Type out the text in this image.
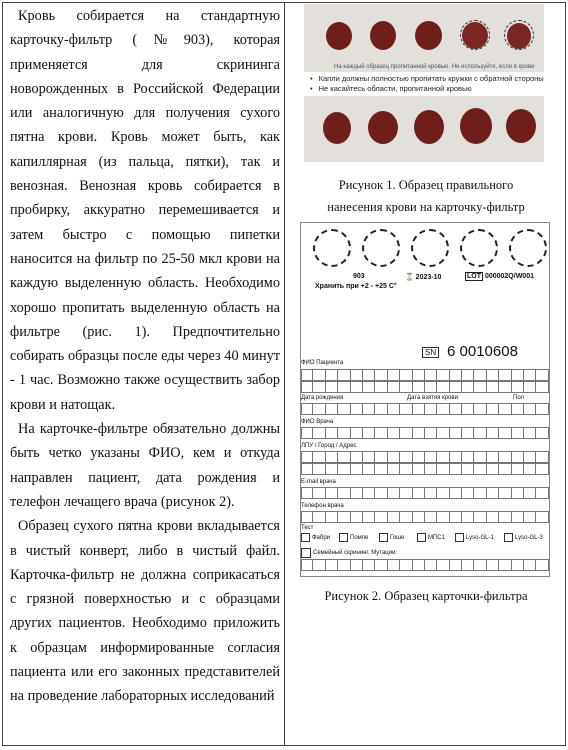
Кровь собирается на стандартную карточку-фильтр (№903), которая применяется для скрининга новорожденных в Российской Федерации или аналогичную для получения сухого пятна крови. Кровь может быть, как капиллярная (из пальца, пятки), так и венозная. Венозная кровь собирается в пробирку, аккуратно перемешивается и затем быстро с помощью пипетки наносится на фильтр по 25-50 мкл крови на каждую выделенную область. Необходимо хорошо пропитать выделенную область на фильтре (рис. 1). Предпочтительно собирать образцы после еды через 40 минут - 1 час. Возможно также осуществить забор крови и натощак.

На карточке-фильтре обязательно должны быть четко указаны ФИО, кем и откуда направлен пациент, дата рождения и телефон лечащего врача (рисунок 2).

Образец сухого пятна крови вкладывается в чистый конверт, либо в чистый файл. Карточка-фильтр не должна соприкасаться с грязной поверхностью и с образцами других пациентов. Необходимо приложить к образцам информированные согласия пациента или его законных представителей на проведение лабораторных исследований

На каждый образец пропитанной кровью. Не используйте, если в крови
• Капли должны полностью пропитать кружки с обратной стороны
• Не касайтесь области, пропитанной кровью
Рисунок 1. Образец правильного
нанесения крови на карточку-фильтр
903	⌛ 2023-10	LOT 000002Q/W001
Хранить при +2 - +25 С°
SN 6 0010608
ФИО Пациента
Дата рождения	Дата взятия крови	Пол
ФИО Врача
ЛПУ / Город / Адрес
E-mail врача
Телефон врача
Тест
Фабри	Помпе	Гоше	МПС1	Lyso-GL-1	Lyso-GL-3
Семейный скрининг. Мутации:
Рисунок 2. Образец карточки-фильтра
